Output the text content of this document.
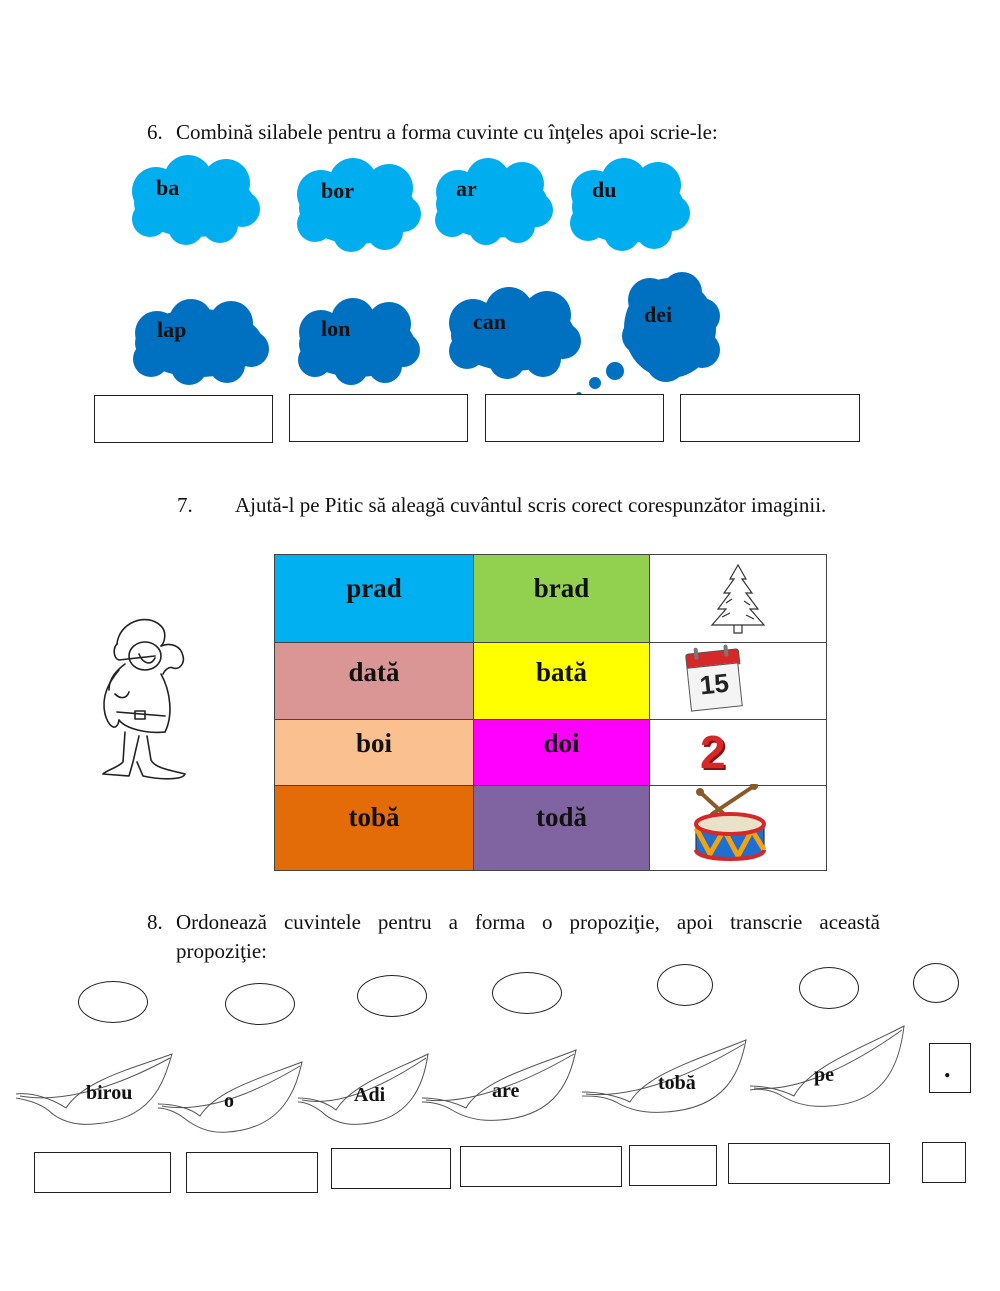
6. Combină silabele pentru a forma cuvinte cu înţeles apoi scrie-le:
ba	bor	ar	du
lap	lon	can	dei
7. Ajută-l pe Pitic să aleagă cuvântul scris corect corespunzător imaginii.
prad	brad

dată	bată	15

boi	doi	2

tobă	todă

8. Ordonează cuvintele pentru a forma o propoziţie, apoi transcrie această
propoziţie:
birou	o	Adi	are	tobă	pe	.
